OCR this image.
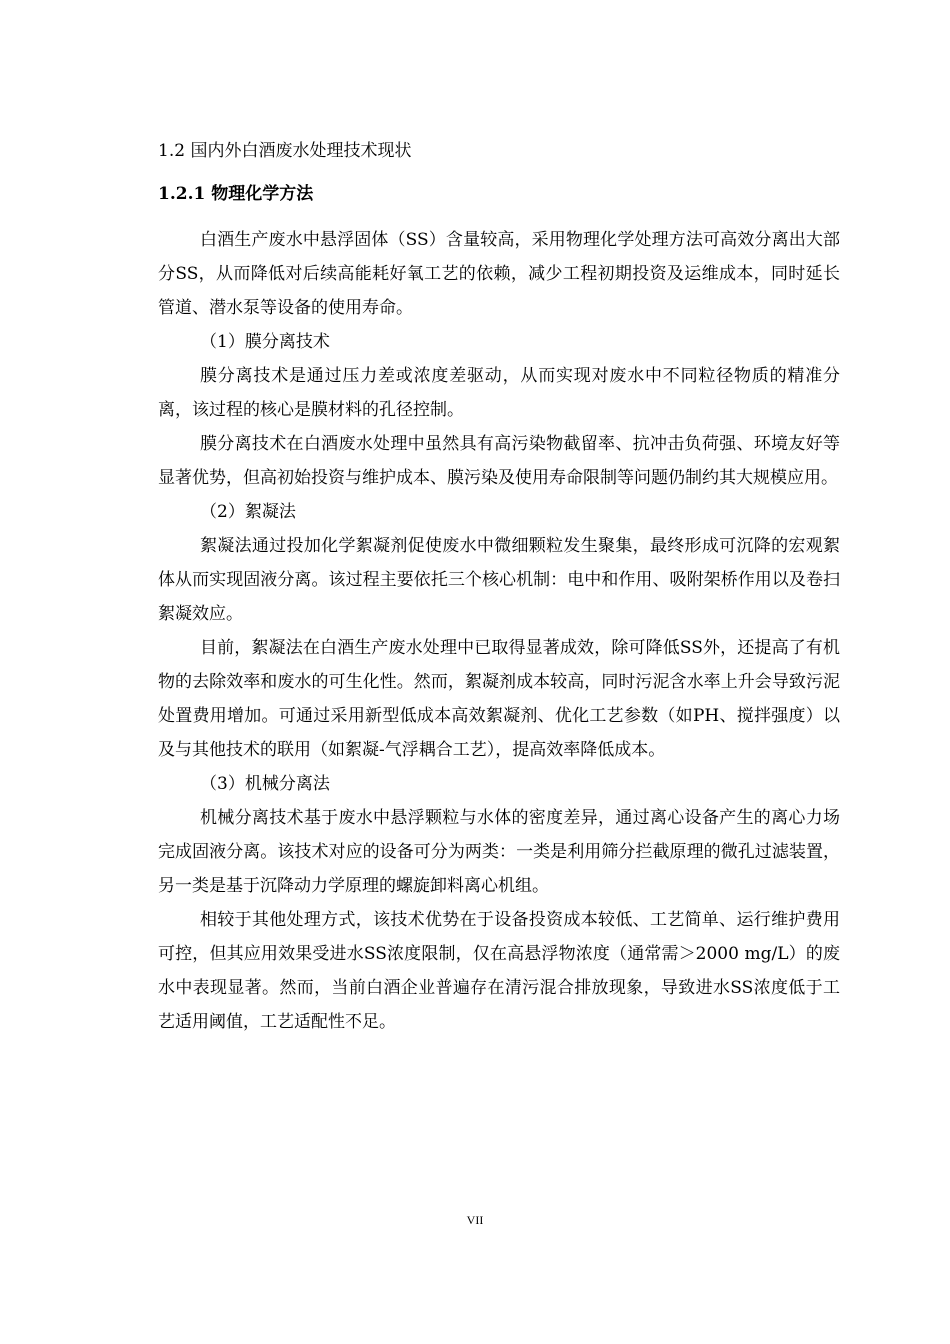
1.2 国内外白酒废水处理技术现状
1.2.1 物理化学方法

白酒生产废水中悬浮固体（SS）含量较高，采用物理化学处理方法可高效分离出大部分SS，从而降低对后续高能耗好氧工艺的依赖，减少工程初期投资及运维成本，同时延长管道、潜水泵等设备的使用寿命。

（1）膜分离技术

膜分离技术是通过压力差或浓度差驱动，从而实现对废水中不同粒径物质的精准分离，该过程的核心是膜材料的孔径控制。

膜分离技术在白酒废水处理中虽然具有高污染物截留率、抗冲击负荷强、环境友好等显著优势，但高初始投资与维护成本、膜污染及使用寿命限制等问题仍制约其大规模应用。

（2）絮凝法

絮凝法通过投加化学絮凝剂促使废水中微细颗粒发生聚集，最终形成可沉降的宏观絮体从而实现固液分离。该过程主要依托三个核心机制：电中和作用、吸附架桥作用以及卷扫絮凝效应。

目前，絮凝法在白酒生产废水处理中已取得显著成效，除可降低SS外，还提高了有机物的去除效率和废水的可生化性。然而，絮凝剂成本较高，同时污泥含水率上升会导致污泥处置费用增加。可通过采用新型低成本高效絮凝剂、优化工艺参数（如PH、搅拌强度）以及与其他技术的联用（如絮凝-气浮耦合工艺），提高效率降低成本。

（3）机械分离法

机械分离技术基于废水中悬浮颗粒与水体的密度差异，通过离心设备产生的离心力场完成固液分离。该技术对应的设备可分为两类：一类是利用筛分拦截原理的微孔过滤装置，另一类是基于沉降动力学原理的螺旋卸料离心机组。

相较于其他处理方式，该技术优势在于设备投资成本较低、工艺简单、运行维护费用可控，但其应用效果受进水SS浓度限制，仅在高悬浮物浓度（通常需＞2000 mg/L）的废水中表现显著。然而，当前白酒企业普遍存在清污混合排放现象，导致进水SS浓度低于工艺适用阈值，工艺适配性不足。

VII
